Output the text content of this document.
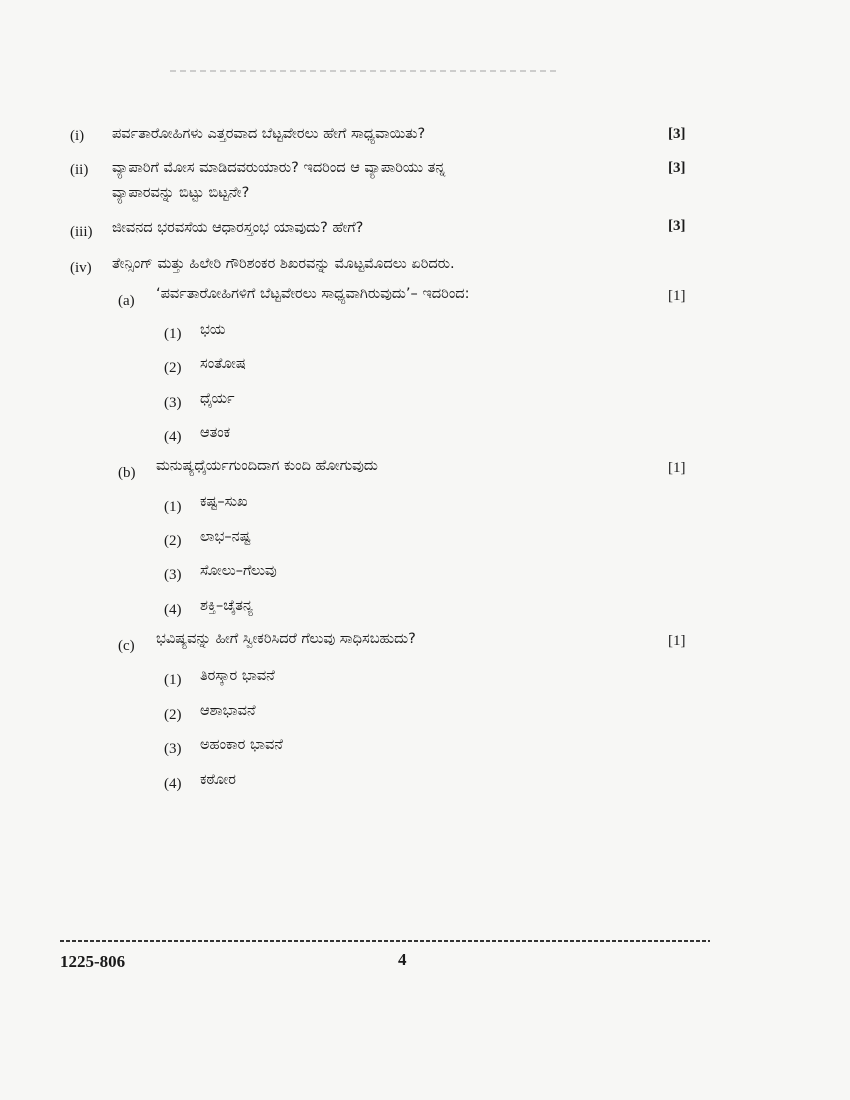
(i) ಪರ್ವತಾರೋಹಿಗಳು ಎತ್ತರವಾದ ಬೆಟ್ಟವೇರಲು ಹೇಗೆ ಸಾಧ್ಯವಾಯಿತು?	[3]
(ii) ವ್ಯಾಪಾರಿಗೆ ಮೋಸ ಮಾಡಿದವರುಯಾರು? ಇದರಿಂದ ಆ ವ್ಯಾಪಾರಿಯು ತನ್ನ
ವ್ಯಾಪಾರವನ್ನು ಬಿಟ್ಟು ಬಿಟ್ಟನೇ?
[3]
(iii) ಜೀವನದ ಭರವಸೆಯ ಆಧಾರಸ್ತಂಭ ಯಾವುದು? ಹೇಗೆ?	[3]
(iv) ತೇನ್ಸಿಂಗ್ ಮತ್ತು ಹಿಲೇರಿ ಗೌರಿಶಂಕರ ಶಿಖರವನ್ನು ಮೊಟ್ಟಮೊದಲು ಏರಿದರು.
(a) ‘ಪರ್ವತಾರೋಹಿಗಳಿಗೆ ಬೆಟ್ಟವೇರಲು ಸಾಧ್ಯವಾಗಿರುವುದು’– ಇದರಿಂದ:	[1]
(1) ಭಯ
(2) ಸಂತೋಷ
(3) ಧೈರ್ಯ
(4) ಆತಂಕ
(b) ಮನುಷ್ಯಧೈರ್ಯಗುಂದಿದಾಗ ಕುಂದಿ ಹೋಗುವುದು	[1]
(1) ಕಷ್ಟ–ಸುಖ
(2) ಲಾಭ–ನಷ್ಟ
(3) ಸೋಲು–ಗೆಲುವು
(4) ಶಕ್ತಿ–ಚೈತನ್ಯ
(c) ಭವಿಷ್ಯವನ್ನು ಹೀಗೆ ಸ್ವೀಕರಿಸಿದರೆ ಗೆಲುವು ಸಾಧಿಸಬಹುದು?	[1]
(1) ತಿರಸ್ಕಾರ ಭಾವನೆ
(2) ಆಶಾಭಾವನೆ
(3) ಅಹಂಕಾರ ಭಾವನೆ
(4) ಕಠೋರ
1225-806	4
